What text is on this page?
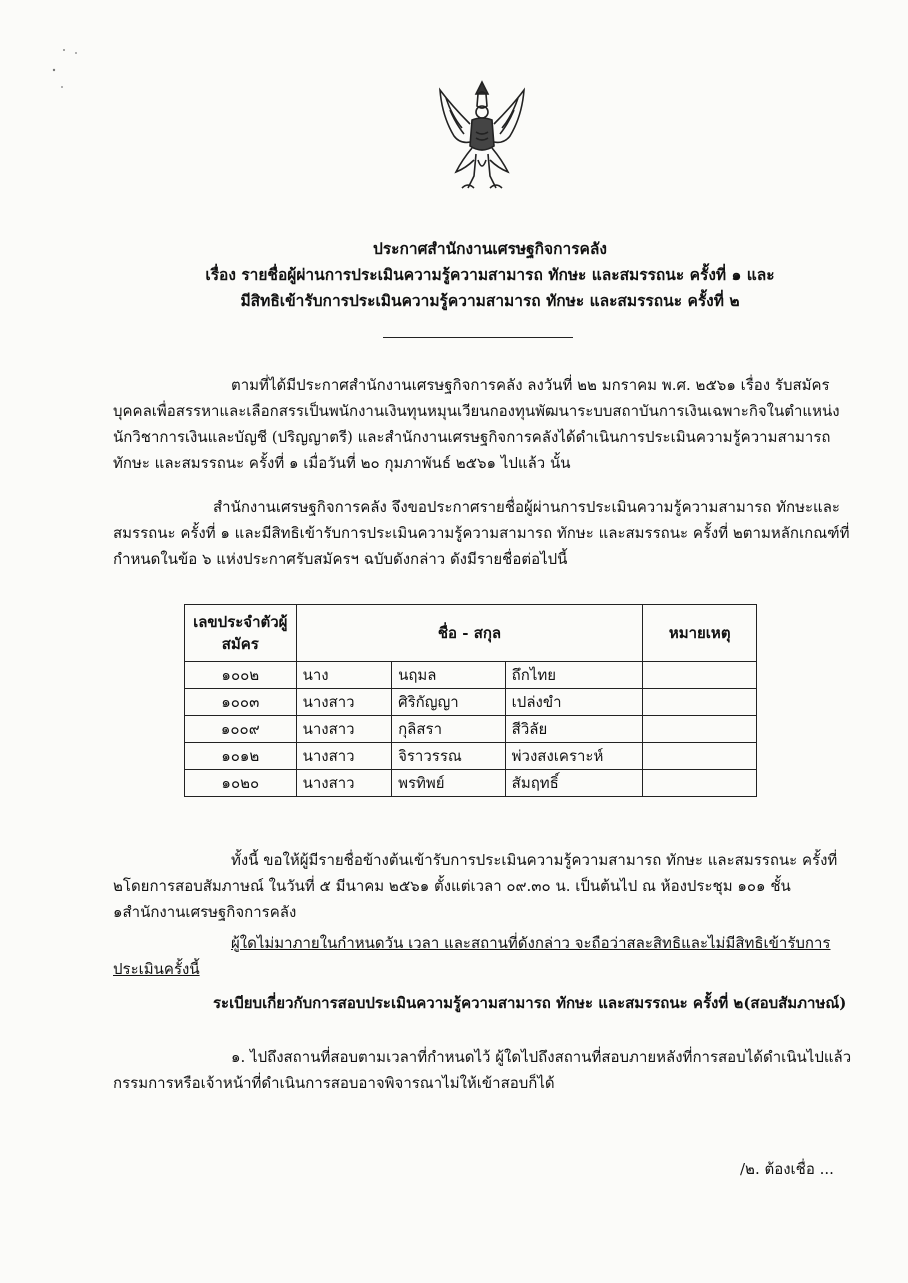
ประกาศสำนักงานเศรษฐกิจการคลัง
เรื่อง รายชื่อผู้ผ่านการประเมินความรู้ความสามารถ ทักษะ และสมรรถนะ ครั้งที่ ๑ และ
มีสิทธิเข้ารับการประเมินความรู้ความสามารถ ทักษะ และสมรรถนะ ครั้งที่ ๒
ตามที่ได้มีประกาศสำนักงานเศรษฐกิจการคลัง ลงวันที่ ๒๒ มกราคม พ.ศ. ๒๕๖๑ เรื่อง รับสมัครบุคคลเพื่อสรรหาและเลือกสรรเป็นพนักงานเงินทุนหมุนเวียนกองทุนพัฒนาระบบสถาบันการเงินเฉพาะกิจในตำแหน่งนักวิชาการเงินและบัญชี (ปริญญาตรี) และสำนักงานเศรษฐกิจการคลังได้ดำเนินการประเมินความรู้ความสามารถ ทักษะ และสมรรถนะ ครั้งที่ ๑ เมื่อวันที่ ๒๐ กุมภาพันธ์ ๒๕๖๑ ไปแล้ว นั้น
สำนักงานเศรษฐกิจการคลัง จึงขอประกาศรายชื่อผู้ผ่านการประเมินความรู้ความสามารถ ทักษะและสมรรถนะ ครั้งที่ ๑ และมีสิทธิเข้ารับการประเมินความรู้ความสามารถ ทักษะ และสมรรถนะ ครั้งที่ ๒ตามหลักเกณฑ์ที่กำหนดในข้อ ๖ แห่งประกาศรับสมัครฯ ฉบับดังกล่าว ดังมีรายชื่อต่อไปนี้
เลขประจำตัวผู้สมัคร	ชื่อ - สกุล			หมายเหตุ
๑๐๐๒	นาง	นฤมล	ถึกไทย	
๑๐๐๓	นางสาว	ศิริกัญญา	เปล่งขำ	
๑๐๐๙	นางสาว	กุลิสรา	สีวิลัย	
๑๐๑๒	นางสาว	จิราวรรณ	พ่วงสงเคราะห์	
๑๐๒๐	นางสาว	พรทิพย์	สัมฤทธิ์	
ทั้งนี้ ขอให้ผู้มีรายชื่อข้างต้นเข้ารับการประเมินความรู้ความสามารถ ทักษะ และสมรรถนะ ครั้งที่ ๒โดยการสอบสัมภาษณ์ ในวันที่ ๕ มีนาคม ๒๕๖๑ ตั้งแต่เวลา ๐๙.๓๐ น. เป็นต้นไป ณ ห้องประชุม ๑๐๑ ชั้น ๑สำนักงานเศรษฐกิจการคลัง
ผู้ใดไม่มาภายในกำหนดวัน เวลา และสถานที่ดังกล่าว จะถือว่าสละสิทธิและไม่มีสิทธิเข้ารับการประเมินครั้งนี้
ระเบียบเกี่ยวกับการสอบประเมินความรู้ความสามารถ ทักษะ และสมรรถนะ ครั้งที่ ๒(สอบสัมภาษณ์)
๑. ไปถึงสถานที่สอบตามเวลาที่กำหนดไว้ ผู้ใดไปถึงสถานที่สอบภายหลังที่การสอบได้ดำเนินไปแล้วกรรมการหรือเจ้าหน้าที่ดำเนินการสอบอาจพิจารณาไม่ให้เข้าสอบก็ได้
/๒. ต้องเชื่อ ...
